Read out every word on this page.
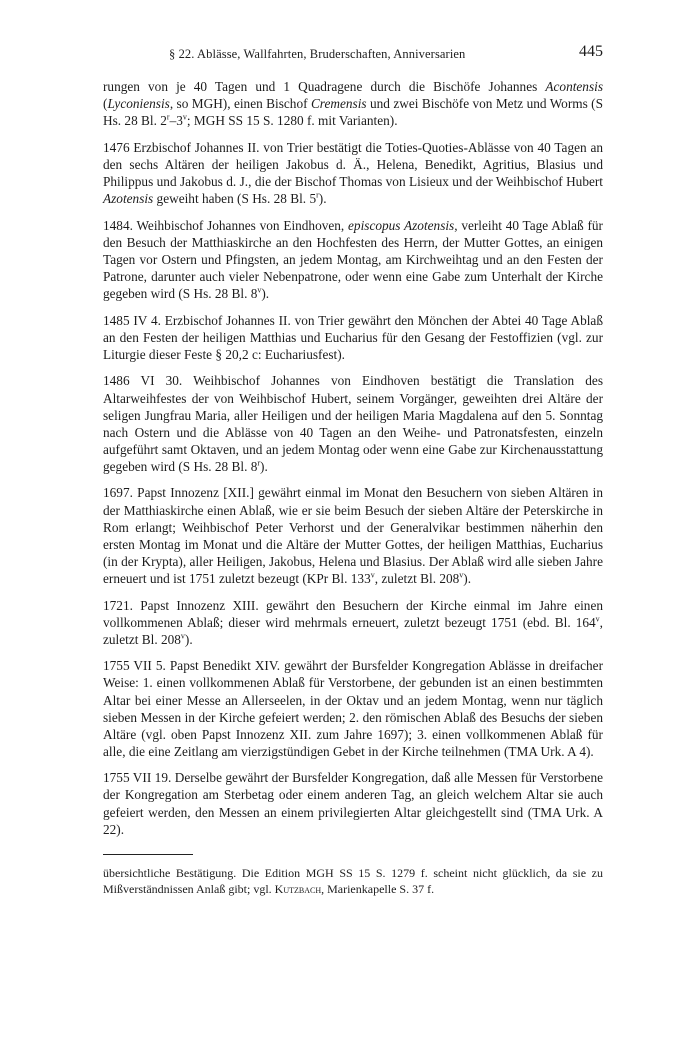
§ 22. Ablässe, Wallfahrten, Bruderschaften, Anniversarien	445

rungen von je 40 Tagen und 1 Quadragene durch die Bischöfe Johannes Acontensis (Lyconiensis, so MGH), einen Bischof Cremensis und zwei Bischöfe von Metz und Worms (S Hs. 28 Bl. 2$^r$–3$^v$; MGH SS 15 S. 1280 f. mit Varianten).

1476 Erzbischof Johannes II. von Trier bestätigt die Toties-Quoties-Ablässe von 40 Tagen an den sechs Altären der heiligen Jakobus d. Ä., Helena, Benedikt, Agritius, Blasius und Philippus und Jakobus d. J., die der Bischof Thomas von Lisieux und der Weihbischof Hubert Azotensis geweiht haben (S Hs. 28 Bl. 5$^r$).

1484. Weihbischof Johannes von Eindhoven, episcopus Azotensis, verleiht 40 Tage Ablaß für den Besuch der Matthiaskirche an den Hochfesten des Herrn, der Mutter Gottes, an einigen Tagen vor Ostern und Pfingsten, an jedem Montag, am Kirchweihtag und an den Festen der Patrone, darunter auch vieler Nebenpatrone, oder wenn eine Gabe zum Unterhalt der Kirche gegeben wird (S Hs. 28 Bl. 8$^v$).

1485 IV 4. Erzbischof Johannes II. von Trier gewährt den Mönchen der Abtei 40 Tage Ablaß an den Festen der heiligen Matthias und Eucharius für den Gesang der Festoffizien (vgl. zur Liturgie dieser Feste § 20,2 c: Euchariusfest).

1486 VI 30. Weihbischof Johannes von Eindhoven bestätigt die Translation des Altarweihfestes der von Weihbischof Hubert, seinem Vorgänger, geweihten drei Altäre der seligen Jungfrau Maria, aller Heiligen und der heiligen Maria Magdalena auf den 5. Sonntag nach Ostern und die Ablässe von 40 Tagen an den Weihe- und Patronatsfesten, einzeln aufgeführt samt Oktaven, und an jedem Montag oder wenn eine Gabe zur Kirchenausstattung gegeben wird (S Hs. 28 Bl. 8$^r$).

1697. Papst Innozenz [XII.] gewährt einmal im Monat den Besuchern von sieben Altären in der Matthiaskirche einen Ablaß, wie er sie beim Besuch der sieben Altäre der Peterskirche in Rom erlangt; Weihbischof Peter Verhorst und der Generalvikar bestimmen näherhin den ersten Montag im Monat und die Altäre der Mutter Gottes, der heiligen Matthias, Eucharius (in der Krypta), aller Heiligen, Jakobus, Helena und Blasius. Der Ablaß wird alle sieben Jahre erneuert und ist 1751 zuletzt bezeugt (KPr Bl. 133$^v$, zuletzt Bl. 208$^v$).

1721. Papst Innozenz XIII. gewährt den Besuchern der Kirche einmal im Jahre einen vollkommenen Ablaß; dieser wird mehrmals erneuert, zuletzt bezeugt 1751 (ebd. Bl. 164$^v$, zuletzt Bl. 208$^v$).

1755 VII 5. Papst Benedikt XIV. gewährt der Bursfelder Kongregation Ablässe in dreifacher Weise: 1. einen vollkommenen Ablaß für Verstorbene, der gebunden ist an einen bestimmten Altar bei einer Messe an Allerseelen, in der Oktav und an jedem Montag, wenn nur täglich sieben Messen in der Kirche gefeiert werden; 2. den römischen Ablaß des Besuchs der sieben Altäre (vgl. oben Papst Innozenz XII. zum Jahre 1697); 3. einen vollkommenen Ablaß für alle, die eine Zeitlang am vierzigstündigen Gebet in der Kirche teilnehmen (TMA Urk. A 4).

1755 VII 19. Derselbe gewährt der Bursfelder Kongregation, daß alle Messen für Verstorbene der Kongregation am Sterbetag oder einem anderen Tag, an gleich welchem Altar sie auch gefeiert werden, den Messen an einem privilegierten Altar gleichgestellt sind (TMA Urk. A 22).

übersichtliche Bestätigung. Die Edition MGH SS 15 S. 1279 f. scheint nicht glücklich, da sie zu Mißverständnissen Anlaß gibt; vgl. Kutzbach, Marienkapelle S. 37 f.
